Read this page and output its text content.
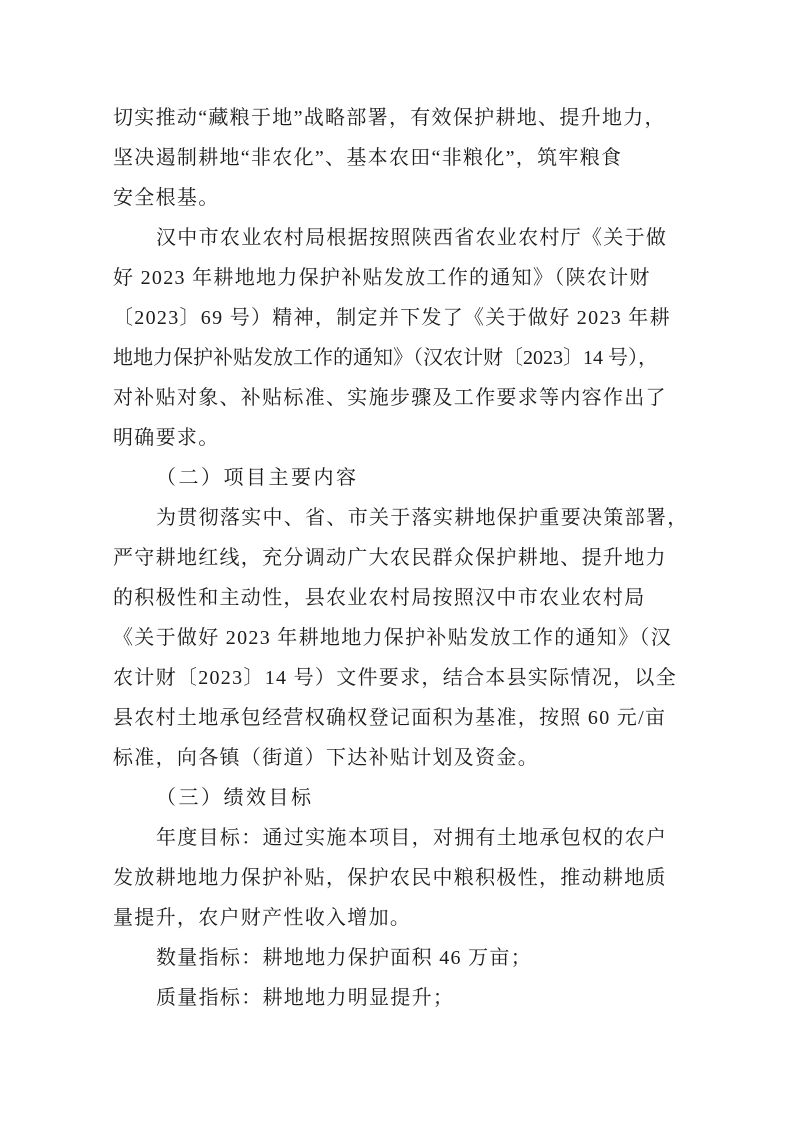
切实推动“藏粮于地”战略部署，有效保护耕地、提升地力，
坚决遏制耕地“非农化”、基本农田“非粮化”，筑牢粮食
安全根基。
汉中市农业农村局根据按照陕西省农业农村厅《关于做
好 2023 年耕地地力保护补贴发放工作的通知》（陕农计财
〔2023〕69 号）精神，制定并下发了《关于做好 2023 年耕
地地力保护补贴发放工作的通知》（汉农计财〔2023〕14 号），
对补贴对象、补贴标准、实施步骤及工作要求等内容作出了
明确要求。
（二）项目主要内容
为贯彻落实中、省、市关于落实耕地保护重要决策部署，
严守耕地红线，充分调动广大农民群众保护耕地、提升地力
的积极性和主动性，县农业农村局按照汉中市农业农村局
《关于做好 2023 年耕地地力保护补贴发放工作的通知》（汉
农计财〔2023〕14 号）文件要求，结合本县实际情况，以全
县农村土地承包经营权确权登记面积为基准，按照 60 元/亩
标准，向各镇（街道）下达补贴计划及资金。
（三）绩效目标
年度目标：通过实施本项目，对拥有土地承包权的农户
发放耕地地力保护补贴，保护农民中粮积极性，推动耕地质
量提升，农户财产性收入增加。
数量指标：耕地地力保护面积 46 万亩；
质量指标：耕地地力明显提升；
